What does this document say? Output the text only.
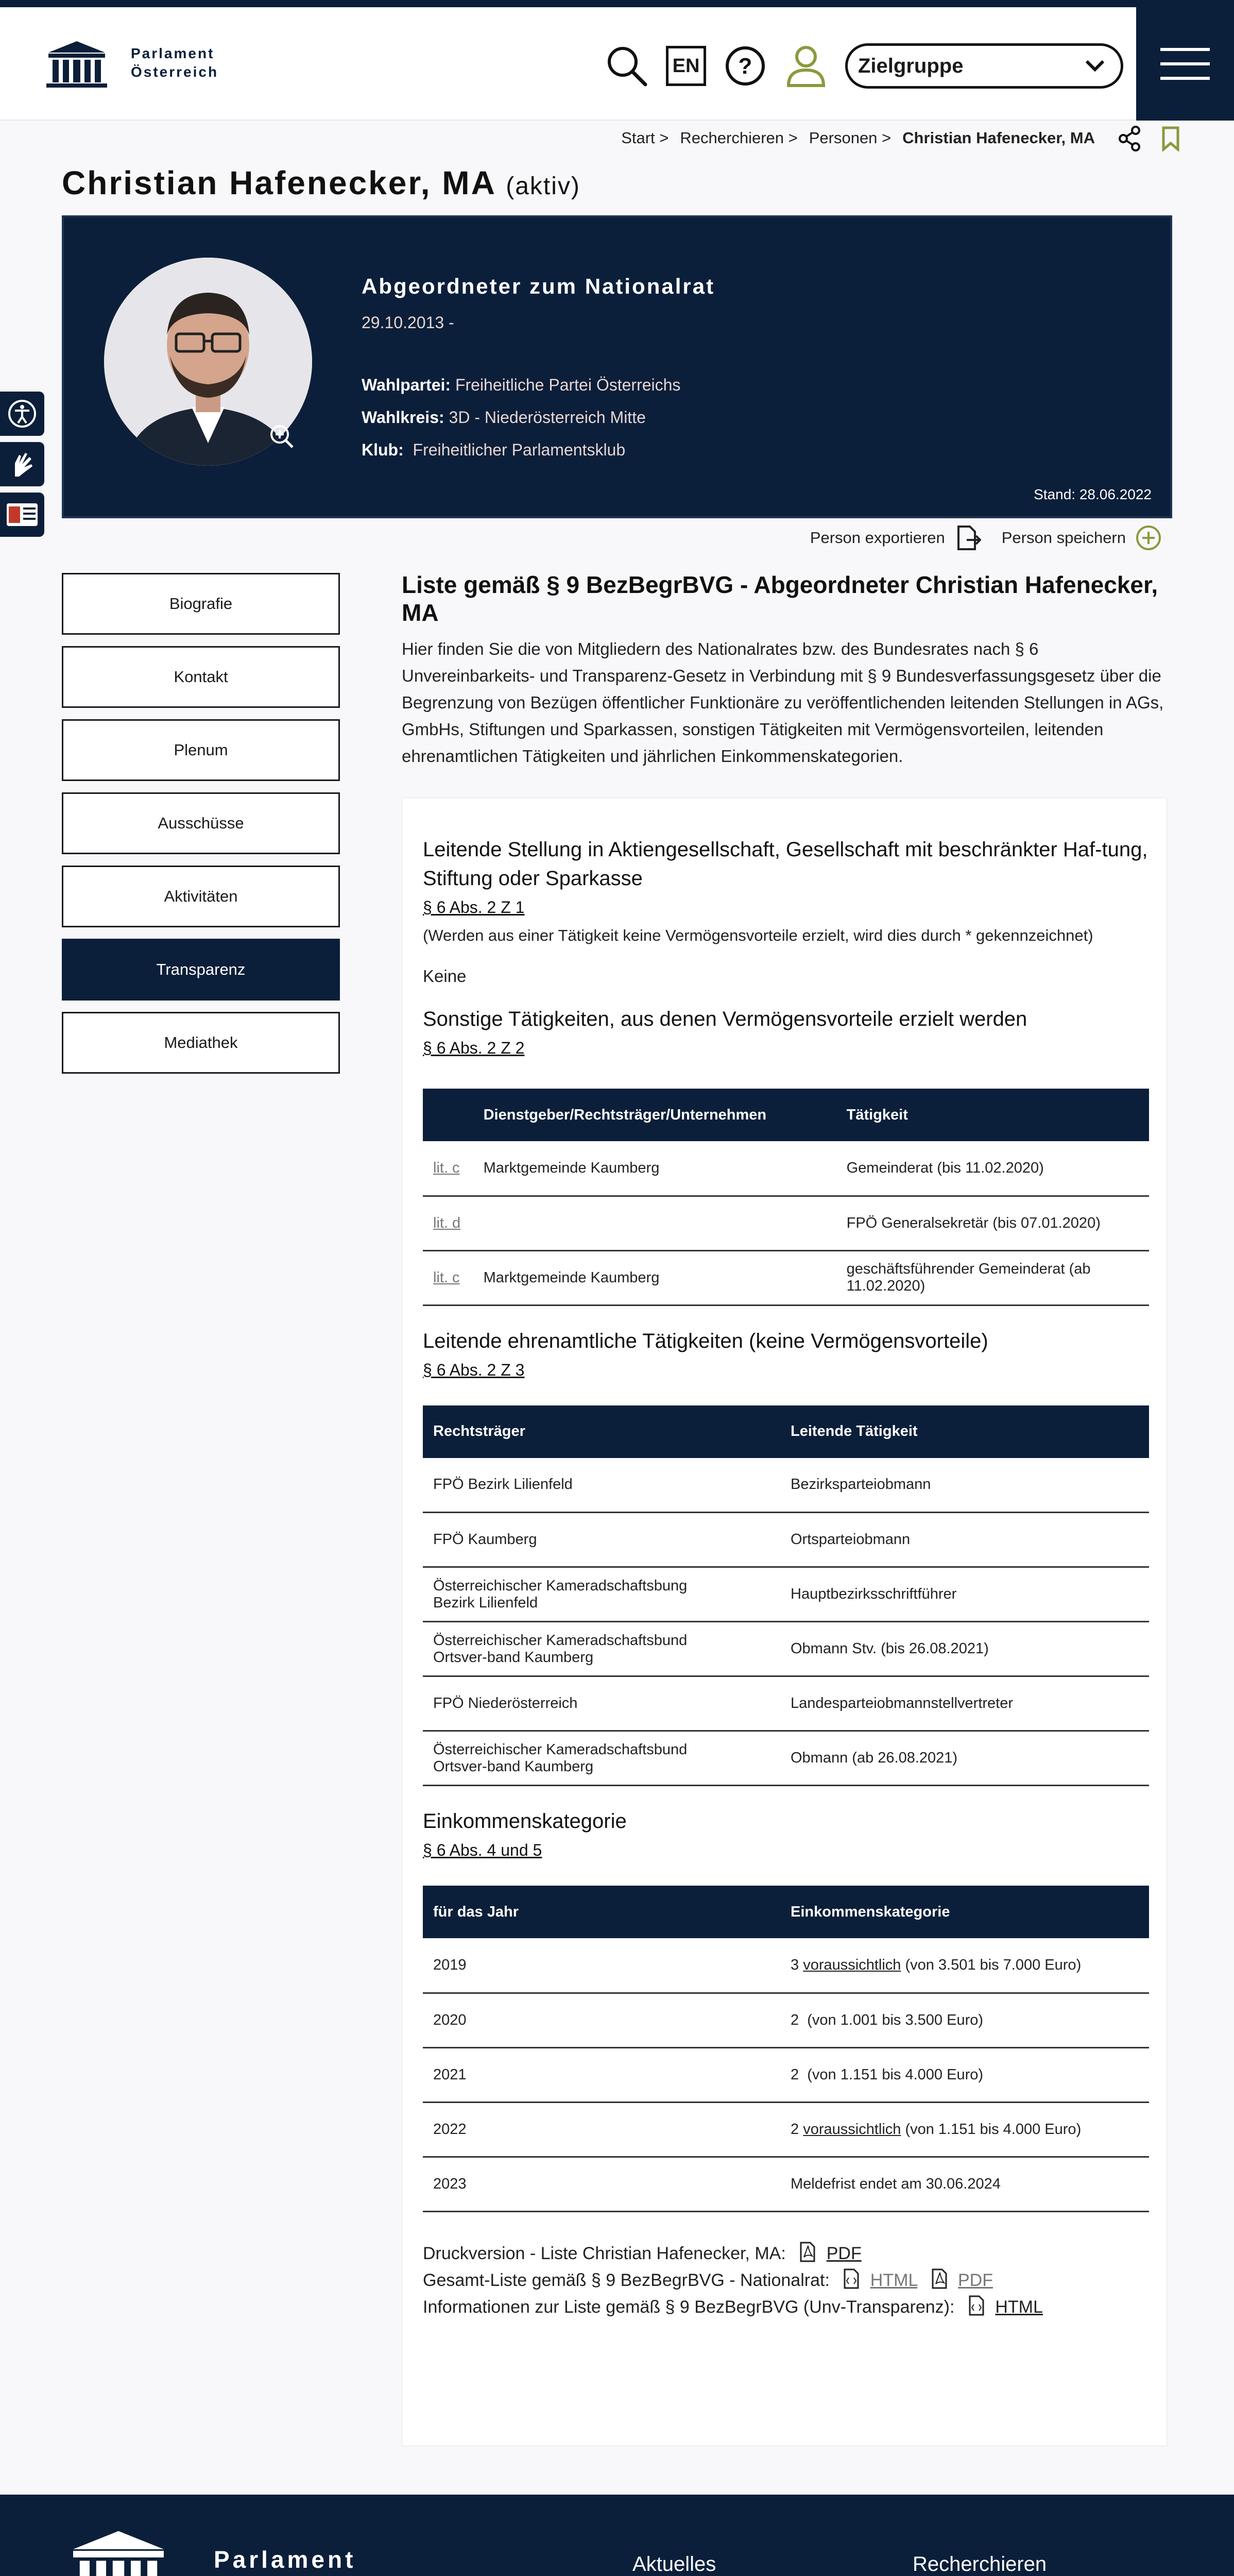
Parlament
Österreich	EN ?	Zielgruppe
Start > Recherchieren > Personen > Christian Hafenecker, MA
Christian Hafenecker, MA (aktiv)
Abgeordneter zum Nationalrat
29.10.2013 -
Wahlpartei: Freiheitliche Partei Österreichs
Wahlkreis: 3D - Niederösterreich Mitte
Klub: Freiheitlicher Parlamentsklub
Stand: 28.06.2022
Person exportieren	Person speichern
Biografie
Kontakt
Plenum
Ausschüsse
Aktivitäten
Transparenz
Mediathek
Liste gemäß § 9 BezBegrBVG - Abgeordneter Christian Hafenecker, MA

Hier finden Sie die von Mitgliedern des Nationalrates bzw. des Bundesrates nach § 6 Unvereinbarkeits- und Transparenz-Gesetz in Verbindung mit § 9 Bundesverfassungsgesetz über die Begrenzung von Bezügen öffentlicher Funktionäre zu veröffentlichenden leitenden Stellungen in AGs, GmbHs, Stiftungen und Sparkassen, sonstigen Tätigkeiten mit Vermögensvorteilen, leitenden ehrenamtlichen Tätigkeiten und jährlichen Einkommenskategorien.

Leitende Stellung in Aktiengesellschaft, Gesellschaft mit beschränkter Haf-tung, Stiftung oder Sparkasse
§ 6 Abs. 2 Z 1
(Werden aus einer Tätigkeit keine Vermögensvorteile erzielt, wird dies durch * gekennzeichnet)
Keine
Sonstige Tätigkeiten, aus denen Vermögensvorteile erzielt werden
§ 6 Abs. 2 Z 2
	Dienstgeber/Rechtsträger/Unternehmen	Tätigkeit
lit. c	Marktgemeinde Kaumberg	Gemeinderat (bis 11.02.2020)
lit. d		FPÖ Generalsekretär (bis 07.01.2020)
lit. c	Marktgemeinde Kaumberg	geschäftsführender Gemeinderat (ab 11.02.2020)
Leitende ehrenamtliche Tätigkeiten (keine Vermögensvorteile)
§ 6 Abs. 2 Z 3
Rechtsträger	Leitende Tätigkeit
FPÖ Bezirk Lilienfeld	Bezirksparteiobmann
FPÖ Kaumberg	Ortsparteiobmann
Österreichischer Kameradschaftsbung Bezirk Lilienfeld	Hauptbezirksschriftführer
Österreichischer Kameradschaftsbund Ortsver-band Kaumberg	Obmann Stv. (bis 26.08.2021)
FPÖ Niederösterreich	Landesparteiobmannstellvertreter
Österreichischer Kameradschaftsbund Ortsver-band Kaumberg	Obmann (ab 26.08.2021)
Einkommenskategorie
§ 6 Abs. 4 und 5
für das Jahr	Einkommenskategorie
2019	3 voraussichtlich (von 3.501 bis 7.000 Euro)
2020	2 (von 1.001 bis 3.500 Euro)
2021	2 (von 1.151 bis 4.000 Euro)
2022	2 voraussichtlich (von 1.151 bis 4.000 Euro)
2023	Meldefrist endet am 30.06.2024
Druckversion - Liste Christian Hafenecker, MA: PDF
Gesamt-Liste gemäß § 9 BezBegrBVG - Nationalrat: HTML PDF
Informationen zur Liste gemäß § 9 BezBegrBVG (Unv-Transparenz): HTML
Parlament	Aktuelles	Recherchieren
